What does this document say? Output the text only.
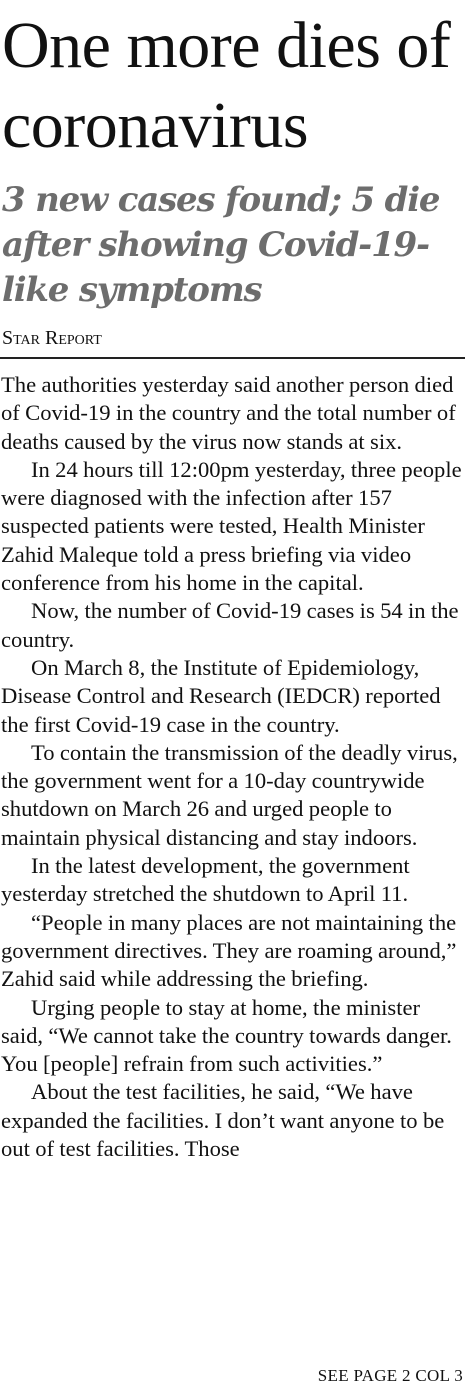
One more dies of coronavirus
3 new cases found; 5 die after showing Covid-19-like symptoms
Star Report

The authorities yesterday said another person died of Covid-19 in the country and the total number of deaths caused by the virus now stands at six.

In 24 hours till 12:00pm yesterday, three people were diagnosed with the infection after 157 suspected patients were tested, Health Minister Zahid Maleque told a press briefing via video conference from his home in the capital.

Now, the number of Covid-19 cases is 54 in the country.

On March 8, the Institute of Epidemiology, Disease Control and Research (IEDCR) reported the first Covid-19 case in the country.

To contain the transmission of the deadly virus, the government went for a 10-day countrywide shutdown on March 26 and urged people to maintain physical distancing and stay indoors.

In the latest development, the government yesterday stretched the shutdown to April 11.

“People in many places are not maintaining the government directives. They are roaming around,” Zahid said while addressing the briefing.

Urging people to stay at home, the minister said, “We cannot take the country towards danger. You [people] refrain from such activities.”

About the test facilities, he said, “We have expanded the facilities. I don’t want anyone to be out of test facilities. Those

SEE PAGE 2 COL 3
